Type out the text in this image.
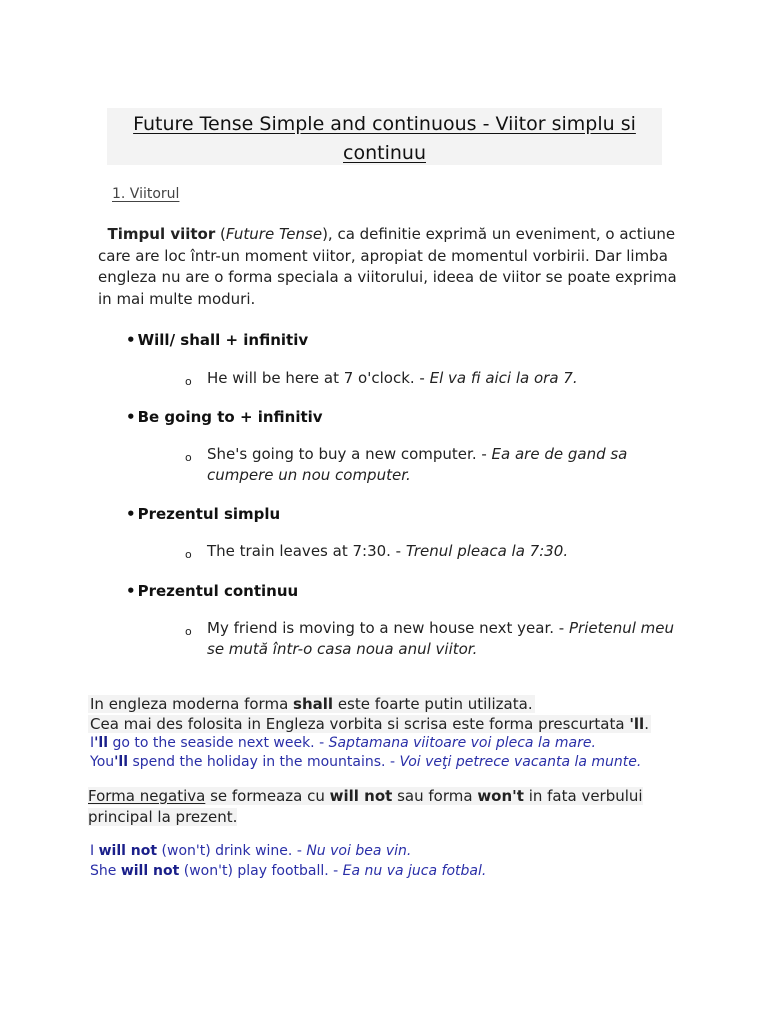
Future Tense Simple and continuous - Viitor simplu si continuu
1. Viitorul
Timpul viitor (Future Tense), ca definitie exprimă un eveniment, o actiune care are loc într-un moment viitor, apropiat de momentul vorbirii. Dar limba engleza nu are o forma speciala a viitorului, ideea de viitor se poate exprima in mai multe moduri.
• Will/ shall + infinitiv
o He will be here at 7 o'clock. - El va fi aici la ora 7.
• Be going to + infinitiv
o She's going to buy a new computer. - Ea are de gand sa cumpere un nou computer.
• Prezentul simplu
o The train leaves at 7:30. - Trenul pleaca la 7:30.
• Prezentul continuu
o My friend is moving to a new house next year. - Prietenul meu se mută într-o casa noua anul viitor.
In engleza moderna forma shall este foarte putin utilizata.
Cea mai des folosita in Engleza vorbita si scrisa este forma prescurtata 'll.
I'll go to the seaside next week. - Saptamana viitoare voi pleca la mare.
You'll spend the holiday in the mountains. - Voi veţi petrece vacanta la munte.
Forma negativa se formeaza cu will not sau forma won't in fata verbului principal la prezent.
I will not (won't) drink wine. - Nu voi bea vin.
She will not (won't) play football. - Ea nu va juca fotbal.
